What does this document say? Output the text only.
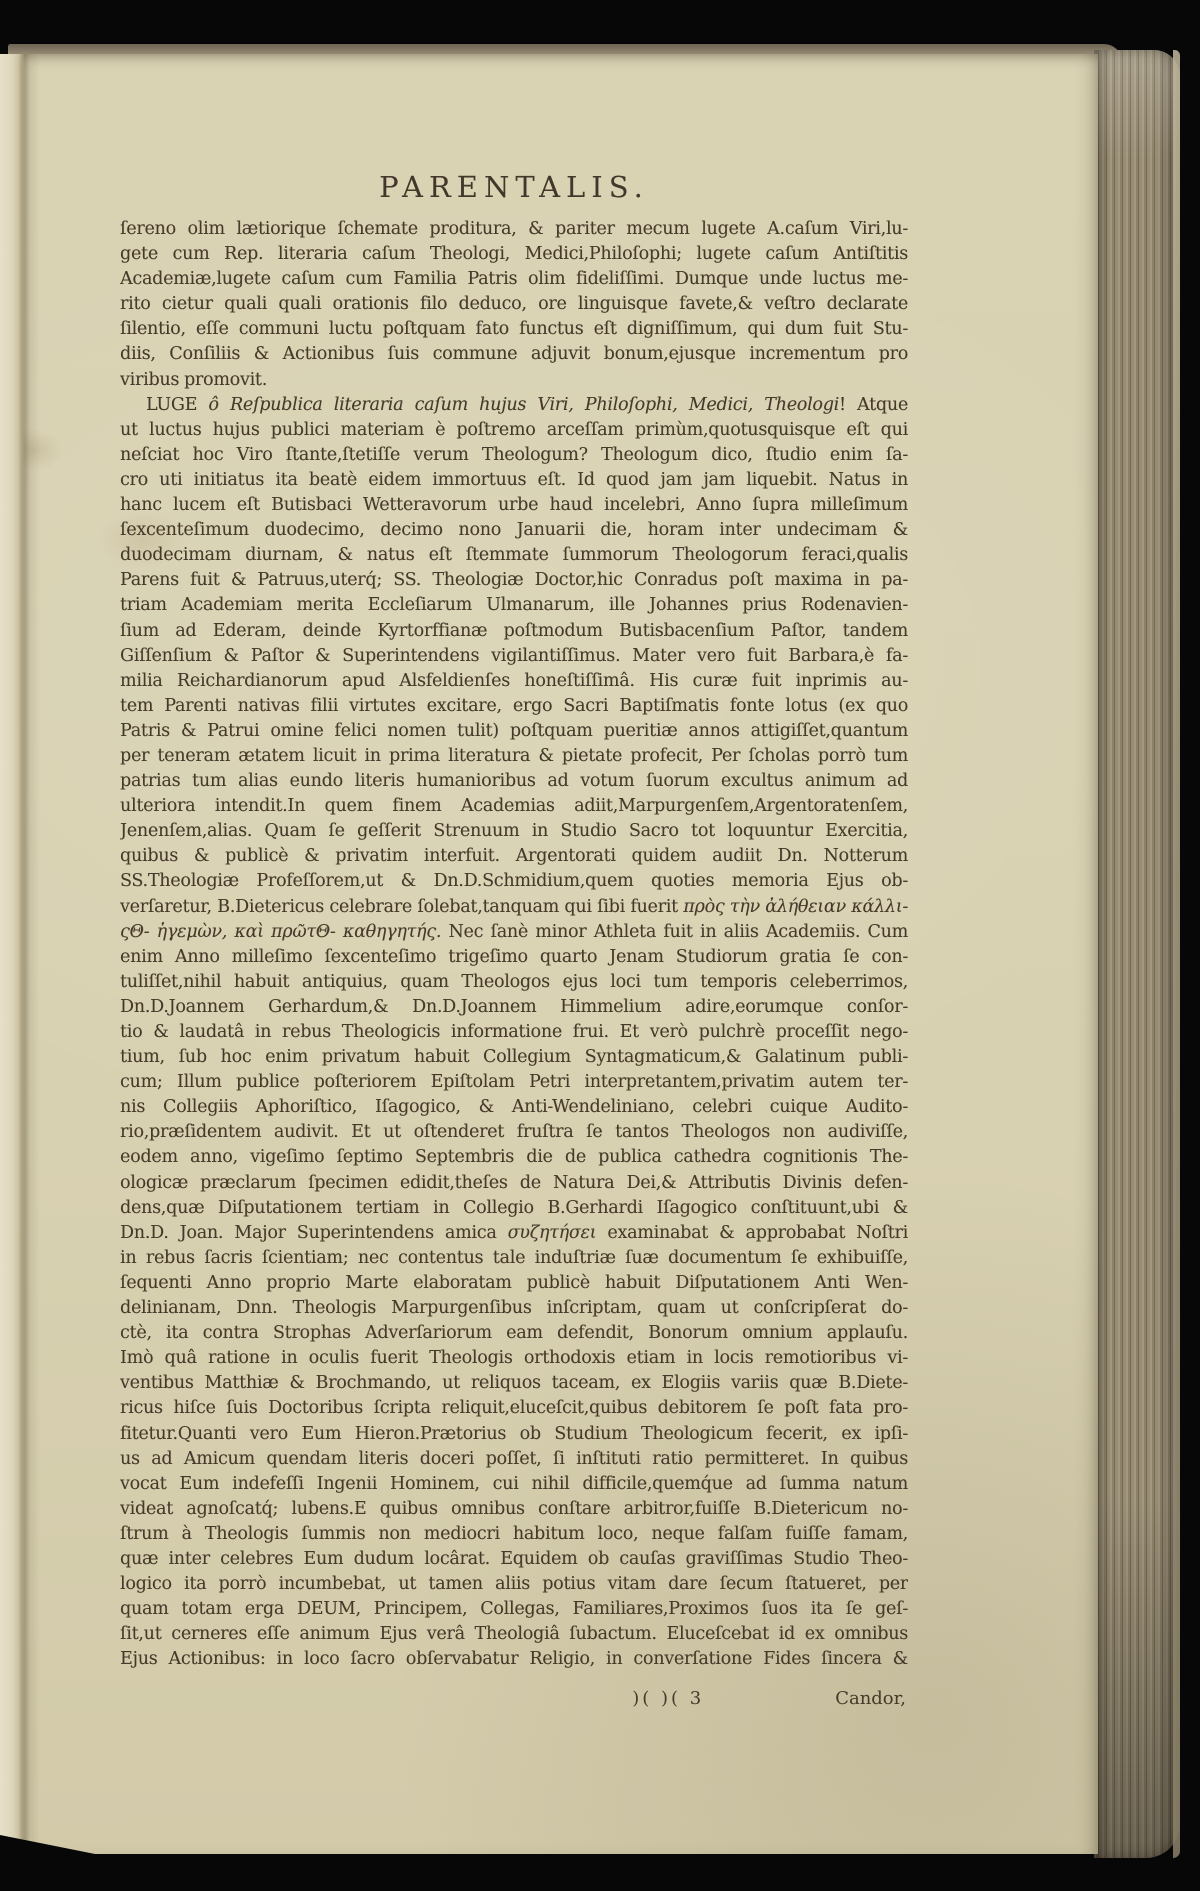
PARENTALIS.
ſereno olim lætiorique ſchemate proditura, & pariter mecum lugete A.caſum Viri,lu-
gete cum Rep. literaria caſum Theologi, Medici,Philoſophi; lugete caſum Antiſtitis
Academiæ,lugete caſum cum Familia Patris olim fideliſſimi. Dumque unde luctus me-
rito cietur quali quali orationis filo deduco, ore linguisque favete,& veſtro declarate
ſilentio, eſſe communi luctu poſtquam fato functus eſt digniſſimum, qui dum fuit Stu-
diis, Conſiliis & Actionibus ſuis commune adjuvit bonum,ejusque incrementum pro
viribus promovit.
LUGE ô Reſpublica literaria caſum hujus Viri, Philoſophi, Medici, Theologi! Atque
ut luctus hujus publici materiam è poſtremo arceſſam primùm,quotusquisque eſt qui
neſciat hoc Viro ſtante,ſtetiſſe verum Theologum? Theologum dico, ſtudio enim ſa-
cro uti initiatus ita beatè eidem immortuus eſt. Id quod jam jam liquebit. Natus in
hanc lucem eſt Butisbaci Wetteravorum urbe haud incelebri, Anno ſupra milleſimum
ſexcenteſimum duodecimo, decimo nono Januarii die, horam inter undecimam &
duodecimam diurnam, & natus eſt ſtemmate ſummorum Theologorum feraci,qualis
Parens fuit & Patruus,uterq́; SS. Theologiæ Doctor,hic Conradus poſt maxima in pa-
triam Academiam merita Eccleſiarum Ulmanarum, ille Johannes prius Rodenavien-
ſium ad Ederam, deinde Kyrtorffianæ poſtmodum Butisbacenſium Paſtor, tandem
Giſſenſium & Paſtor & Superintendens vigilantiſſimus. Mater vero fuit Barbara,è fa-
milia Reichardianorum apud Alsfeldienſes honeſtiſſimâ. His curæ fuit inprimis au-
tem Parenti nativas filii virtutes excitare, ergo Sacri Baptiſmatis fonte lotus (ex quo
Patris & Patrui omine felici nomen tulit) poſtquam pueritiæ annos attigiſſet,quantum
per teneram ætatem licuit in prima literatura & pietate profecit, Per ſcholas porrò tum
patrias tum alias eundo literis humanioribus ad votum ſuorum excultus animum ad
ulteriora intendit.In quem finem Academias adiit,Marpurgenſem,Argentoratenſem,
Jenenſem,alias. Quam ſe geſſerit Strenuum in Studio Sacro tot loquuntur Exercitia,
quibus & publicè & privatim interfuit. Argentorati quidem audiit Dn. Notterum
SS.Theologiæ Profeſſorem,ut & Dn.D.Schmidium,quem quoties memoria Ejus ob-
verſaretur, B.Dietericus celebrare ſolebat,tanquam qui ſibi fuerit πρὸς τὴν ἀλήθειαν κάλλι-
ςΘ- ἡγεμὼν, καὶ πρῶτΘ- καθηγητής. Nec ſanè minor Athleta fuit in aliis Academiis. Cum
enim Anno milleſimo ſexcenteſimo trigeſimo quarto Jenam Studiorum gratia ſe con-
tuliſſet,nihil habuit antiquius, quam Theologos ejus loci tum temporis celeberrimos,
Dn.D.Joannem Gerhardum,& Dn.D.Joannem Himmelium adire,eorumque conſor-
tio & laudatâ in rebus Theologicis informatione frui. Et verò pulchrè proceſſit nego-
tium, ſub hoc enim privatum habuit Collegium Syntagmaticum,& Galatinum publi-
cum; Illum publice poſteriorem Epiſtolam Petri interpretantem,privatim autem ter-
nis Collegiis Aphoriſtico, Iſagogico, & Anti-Wendeliniano, celebri cuique Audito-
rio,præſidentem audivit. Et ut oſtenderet fruſtra ſe tantos Theologos non audiviſſe,
eodem anno, vigeſimo ſeptimo Septembris die de publica cathedra cognitionis The-
ologicæ præclarum ſpecimen edidit,theſes de Natura Dei,& Attributis Divinis defen-
dens,quæ Diſputationem tertiam in Collegio B.Gerhardi Iſagogico conſtituunt,ubi &
Dn.D. Joan. Major Superintendens amica συζητήσει examinabat & approbabat Noſtri
in rebus ſacris ſcientiam; nec contentus tale induſtriæ ſuæ documentum ſe exhibuiſſe,
ſequenti Anno proprio Marte elaboratam publicè habuit Diſputationem Anti Wen-
delinianam, Dnn. Theologis Marpurgenſibus inſcriptam, quam ut conſcripſerat do-
ctè, ita contra Strophas Adverſariorum eam defendit, Bonorum omnium applauſu.
Imò quâ ratione in oculis fuerit Theologis orthodoxis etiam in locis remotioribus vi-
ventibus Matthiæ & Brochmando, ut reliquos taceam, ex Elogiis variis quæ B.Diete-
ricus hiſce ſuis Doctoribus ſcripta reliquit,eluceſcit,quibus debitorem ſe poſt fata pro-
fitetur.Quanti vero Eum Hieron.Prætorius ob Studium Theologicum fecerit, ex ipſi-
us ad Amicum quendam literis doceri poſſet, ſi inſtituti ratio permitteret. In quibus
vocat Eum indefeſſi Ingenii Hominem, cui nihil difficile,quemq́ue ad ſumma natum
videat agnoſcatq́; lubens.E quibus omnibus conſtare arbitror,fuiſſe B.Dietericum no-
ſtrum à Theologis ſummis non mediocri habitum loco, neque falſam fuiſſe famam,
quæ inter celebres Eum dudum locârat. Equidem ob cauſas graviſſimas Studio Theo-
logico ita porrò incumbebat, ut tamen aliis potius vitam dare ſecum ſtatueret, per
quam totam erga DEUM, Principem, Collegas, Familiares,Proximos ſuos ita ſe geſ-
ſit,ut cerneres eſſe animum Ejus verâ Theologiâ ſubactum. Eluceſcebat id ex omnibus
Ejus Actionibus: in loco ſacro obſervabatur Religio, in converſatione Fides ſincera &
)( )( 3	Candor,
